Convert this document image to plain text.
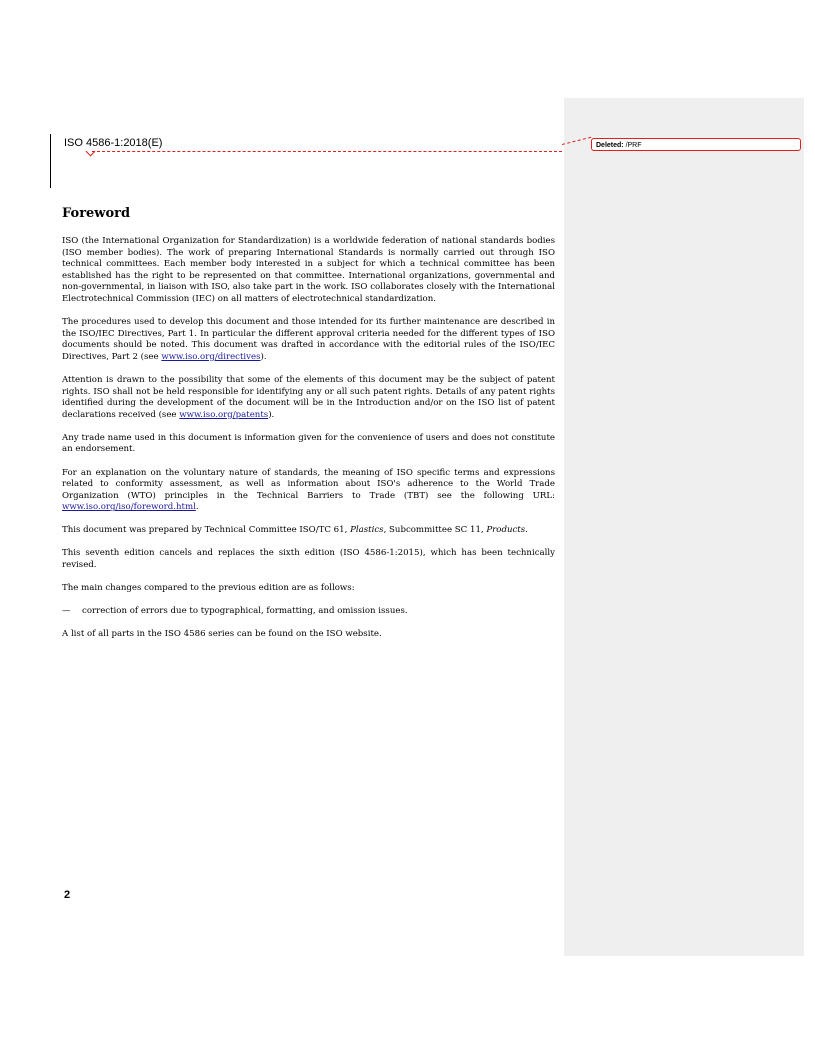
Deleted: /PRF
ISO 4586-1:2018(E)
Foreword

ISO (the International Organization for Standardization) is a worldwide federation of national standards bodies (ISO member bodies). The work of preparing International Standards is normally carried out through ISO technical committees. Each member body interested in a subject for which a technical committee has been established has the right to be represented on that committee. International organizations, governmental and non-governmental, in liaison with ISO, also take part in the work. ISO collaborates closely with the International Electrotechnical Commission (IEC) on all matters of electrotechnical standardization.

The procedures used to develop this document and those intended for its further maintenance are described in the ISO/IEC Directives, Part 1. In particular the different approval criteria needed for the different types of ISO documents should be noted. This document was drafted in accordance with the editorial rules of the ISO/IEC Directives, Part 2 (see www.iso.org/directives).

Attention is drawn to the possibility that some of the elements of this document may be the subject of patent rights. ISO shall not be held responsible for identifying any or all such patent rights. Details of any patent rights identified during the development of the document will be in the Introduction and/or on the ISO list of patent declarations received (see www.iso.org/patents).

Any trade name used in this document is information given for the convenience of users and does not constitute an endorsement.

For an explanation on the voluntary nature of standards, the meaning of ISO specific terms and expressions related to conformity assessment, as well as information about ISO's adherence to the World Trade Organization (WTO) principles in the Technical Barriers to Trade (TBT) see the following URL: www.iso.org/iso/foreword.html.

This document was prepared by Technical Committee ISO/TC 61, Plastics, Subcommittee SC 11, Products.

This seventh edition cancels and replaces the sixth edition (ISO 4586-1:2015), which has been technically revised.

The main changes compared to the previous edition are as follows:

—	correction of errors due to typographical, formatting, and omission issues.

A list of all parts in the ISO 4586 series can be found on the ISO website.

2
